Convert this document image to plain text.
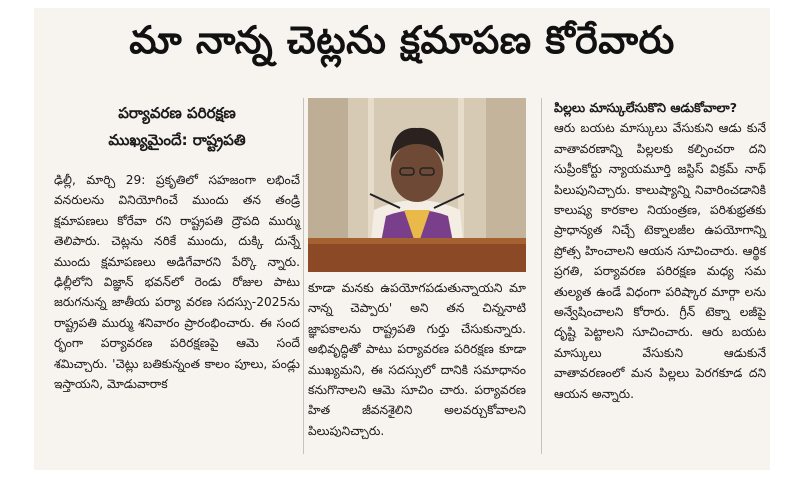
మా నాన్న చెట్లను క్షమాపణ కోరేవారు
పర్యావరణ పరిరక్షణ
ముఖ్యమైందే: రాష్ట్రపతి

ఢిల్లీ, మార్చి 29: ప్రకృతిలో సహజంగా లభించే వనరులను వినియోగించే ముందు తన తండ్రి క్షమాపణలు కోరేవా రని రాష్ట్రపతి ద్రౌపది ముర్ము తెలిపారు. చెట్లను నరికే ముందు, దుక్కి దున్నే ముందు క్షమాపణలు అడిగేవారని పేర్కొ న్నారు. ఢిల్లీలోని విజ్ఞాన్ భవన్‌లో రెండు రోజుల పాటు జరుగనున్న జాతీయ పర్యా వరణ సదస్సు-2025ను రాష్ట్రపతి ముర్ము శనివారం ప్రారంభించారు. ఈ సంద ర్భంగా పర్యావరణ పరిరక్షణపై ఆమె సందే శమిచ్చారు. 'చెట్లు బతికున్నంత కాలం పూలు, పండ్లు ఇస్తాయని, మోడువారాక

కూడా మనకు ఉపయోగపడుతున్నాయని మా నాన్న చెప్పారు' అని తన చిన్ననాటి జ్ఞాపకాలను రాష్ట్రపతి గుర్తు చేసుకున్నారు. అభివృద్ధితో పాటు పర్యావరణ పరిరక్షణ కూడా ముఖ్యమని, ఈ సదస్సులో దానికి సమాధానం కనుగొనాలని ఆమె సూచిం చారు. పర్యావరణ హిత జీవనశైలిని అలవర్చుకోవాలని పిలుపునిచ్చారు.

పిల్లలు మాస్కులేసుకొని ఆడుకోవాలా?

ఆరు బయట మాస్కులు వేసుకుని ఆడు కునే వాతావరణాన్ని పిల్లలకు కల్పించరా దని సుప్రీంకోర్టు న్యాయమూర్తి జస్టిస్ విక్రమ్ నాథ్ పిలుపునిచ్చారు. కాలుష్యాన్ని నివారించడానికి కాలుష్య కారకాల నియంత్రణ, పరిశుభ్రతకు ప్రాధాన్యత నిచ్చే టెక్నాలజీల ఉపయోగాన్ని ప్రోత్స హించాలని ఆయన సూచించారు. ఆర్థిక ప్రగతి, పర్యావరణ పరిరక్షణ మధ్య సమ తుల్యత ఉండే విధంగా పరిష్కార మార్గా లను అన్వేషించాలని కోరారు. గ్రీన్ టెక్నా లజీపై దృష్టి పెట్టాలని సూచించారు. ఆరు బయట మాస్కులు వేసుకుని ఆడుకునే వాతావరణంలో మన పిల్లలు పెరగకూడ దని ఆయన అన్నారు.
